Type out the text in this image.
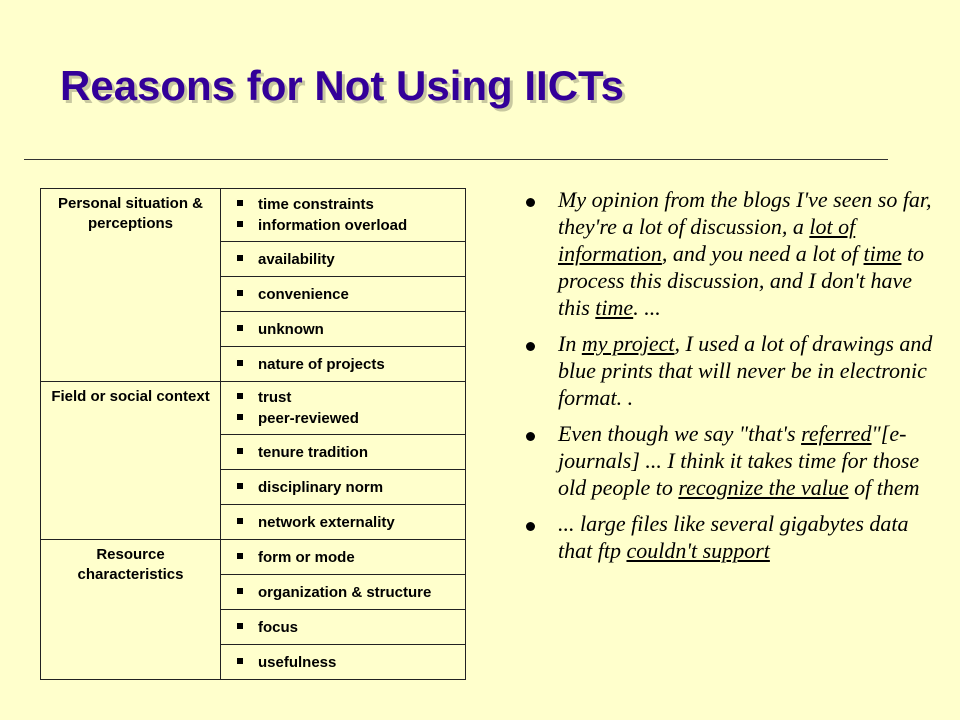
Reasons for Not Using IICTs
Personal situation & perceptions	time constraints
information overload

	availability

	convenience

	unknown

	nature of projects

Field or social context	trust
peer-reviewed

	tenure tradition

	disciplinary norm

	network externality

Resource characteristics	form or mode

	organization & structure

	focus

	usefulness
My opinion from the blogs I've seen so far, they're a lot of discussion, a lot of information, and you need a lot of time to process this discussion, and I don't have this time. ...
In my project, I used a lot of drawings and blue prints that will never be in electronic format. .
Even though we say "that's referred"[e-journals] ... I think it takes time for those old people to recognize the value of them
... large files like several gigabytes data that ftp couldn't support
